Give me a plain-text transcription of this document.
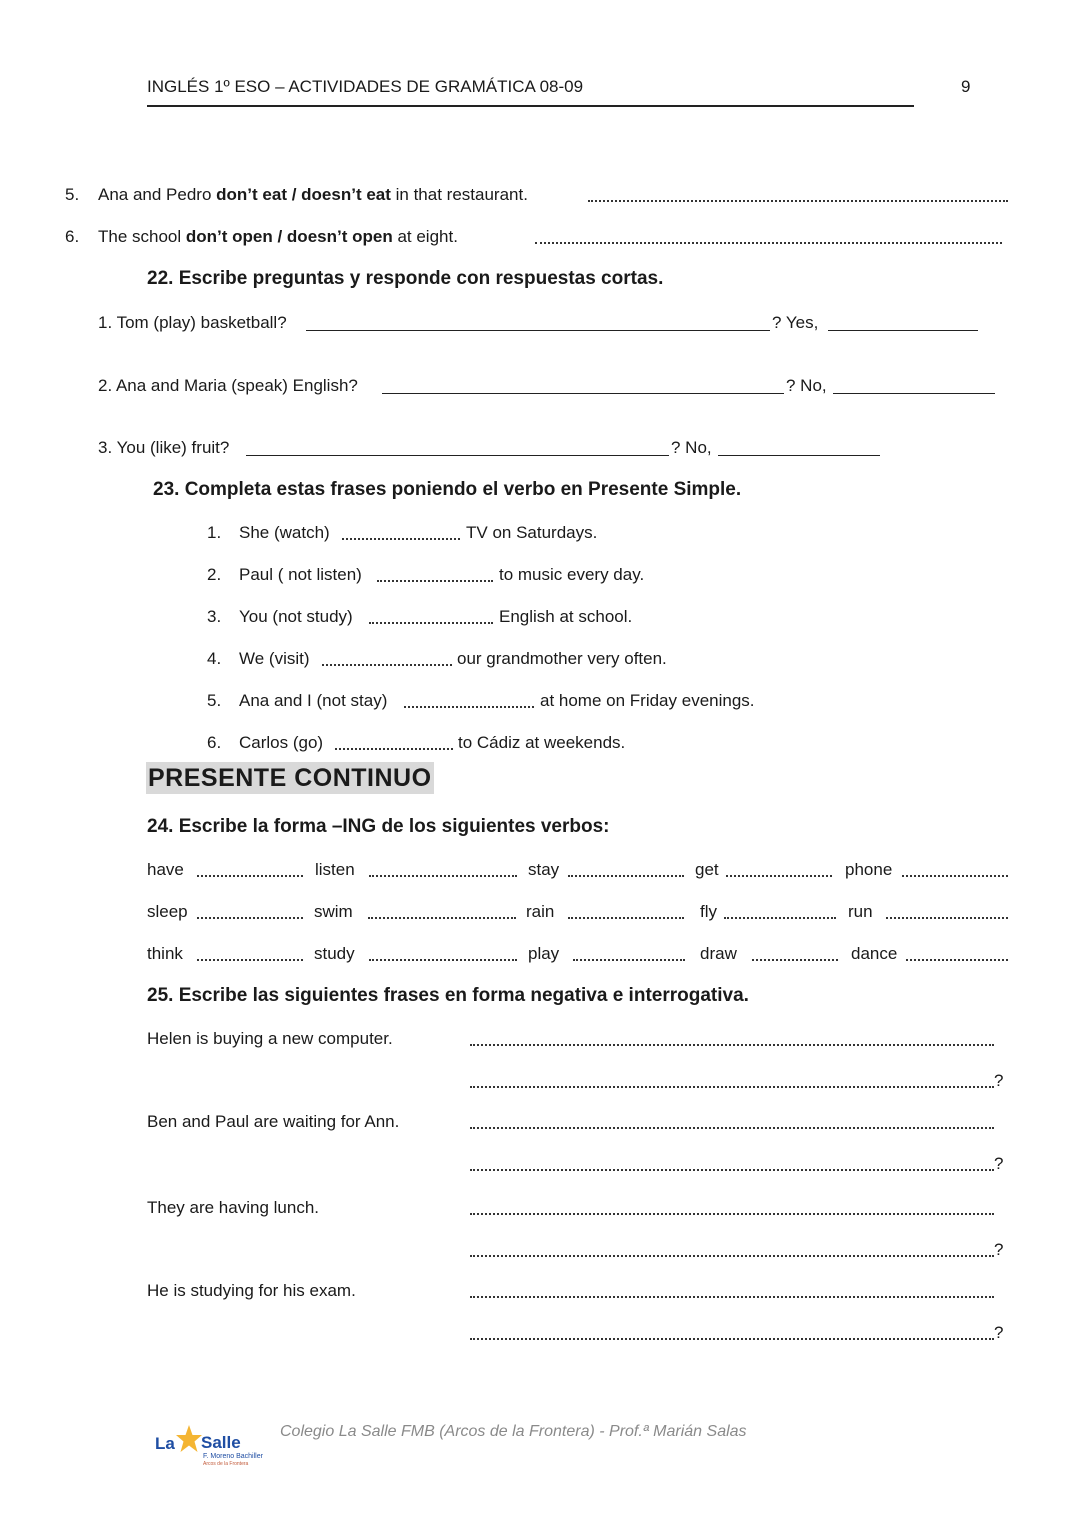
INGLÉS 1º ESO – ACTIVIDADES DE GRAMÁTICA 08-09	9
5. Ana and Pedro don’t eat / doesn’t eat in that restaurant.
6. The school don’t open / doesn’t open at eight.
22. Escribe preguntas y responde con respuestas cortas.
1. Tom (play) basketball?	? Yes,
2. Ana and Maria (speak) English?	? No,
3. You (like) fruit?	? No,
23. Completa estas frases poniendo el verbo en Presente Simple.
1. She (watch)	TV on Saturdays.
2. Paul ( not listen)	to music every day.
3. You (not study)	English at school.
4. We (visit)	our grandmother very often.
5. Ana and I (not stay)	at home on Friday evenings.
6. Carlos (go)	to Cádiz at weekends.
PRESENTE CONTINUO
24. Escribe la forma –ING de los siguientes verbos:
have	listen	stay	get	phone
sleep	swim	rain	fly	run
think	study	play	draw	dance
25. Escribe las siguientes frases en forma negativa e interrogativa.
Helen is buying a new computer.
?
Ben and Paul are waiting for Ann.
?
They are having lunch.
?
He is studying for his exam.
?
La Salle
F. Moreno Bachiller
Arcos de la Frontera
Colegio La Salle FMB (Arcos de la Frontera) - Prof.ª Marián Salas
